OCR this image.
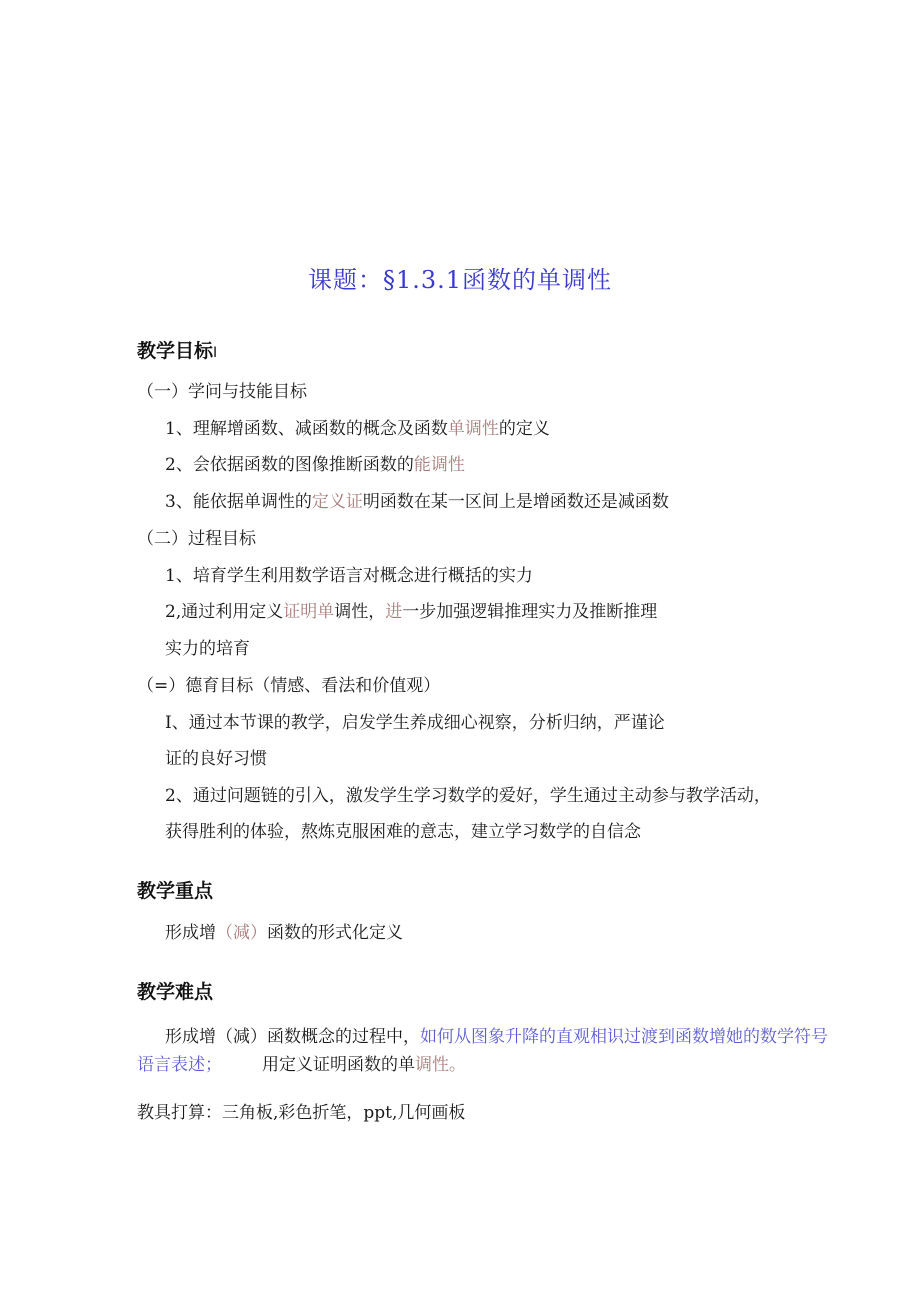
课题：§1.3.1函数的单调性
教学目标I
（一）学问与技能目标
1、理解增函数、减函数的概念及函数单调性的定义
2、会依据函数的图像推断函数的能调性
3、能依据单调性的定义证明函数在某一区间上是增函数还是减函数
（二）过程目标
1、培育学生利用数学语言对概念进行概括的实力
2,通过利用定义证明单调性，进一步加强逻辑推理实力及推断推理
实力的培育
（=）德育目标（情感、看法和价值观）
I、通过本节课的教学，启发学生养成细心视察，分析归纳，严谨论
证的良好习惯
2、通过问题链的引入，激发学生学习数学的爱好，学生通过主动参与教学活动，
获得胜利的体验，熬炼克服困难的意志，建立学习数学的自信念
教学重点
形成增（减）函数的形式化定义
教学难点
形成增（减）函数概念的过程中，如何从图象升降的直观相识过渡到函数增她的数学符号语言表述； 用定义证明函数的单调性。
教具打算：三角板,彩色折笔，ppt,几何画板
